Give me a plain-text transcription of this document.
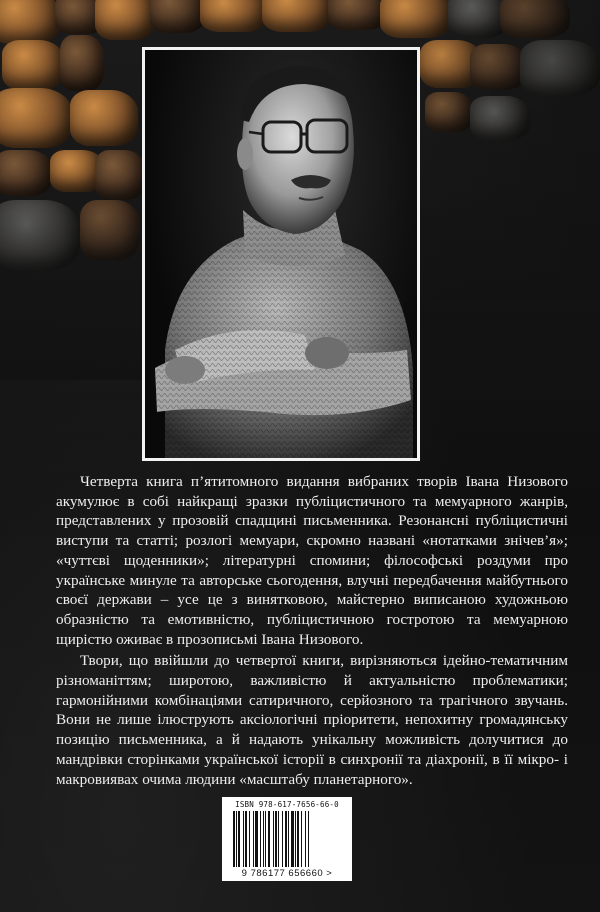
Четверта книга п’ятитомного видання вибраних творів Івана Низового акумулює в собі найкращі зразки публіцистичного та мемуарного жанрів, представлених у прозовій спадщині письменника. Резонансні публіцистичні виступи та статті; розлогі мемуари, скромно названі «нотатками знічев’я»; «чуттєві щоденники»; літературні спомини; філософські роздуми про українське минуле та авторське сьогодення, влучні передбачення майбутнього своєї держави – усе це з винятковою, майстерно виписаною художньою образністю та емотивністю, публіцистичною гостротою та мемуарною щирістю оживає в прозописьмі Івана Низового.

Твори, що ввійшли до четвертої книги, вирізняються ідейно-тематичним різноманіттям; широтою, важливістю й актуальністю проблематики; гармонійними комбінаціями сатиричного, серйозного та трагічного звучань. Вони не лише ілюструють аксіологічні пріоритети, непохитну громадянську позицію письменника, а й надають унікальну можливість долучитися до мандрівки сторінками української історії в синхронії та діахронії, в її мікро- і макровиявах очима людини «масштабу планетарного».

ISBN 978-617-7656-66-0
9 786177 656660 >
